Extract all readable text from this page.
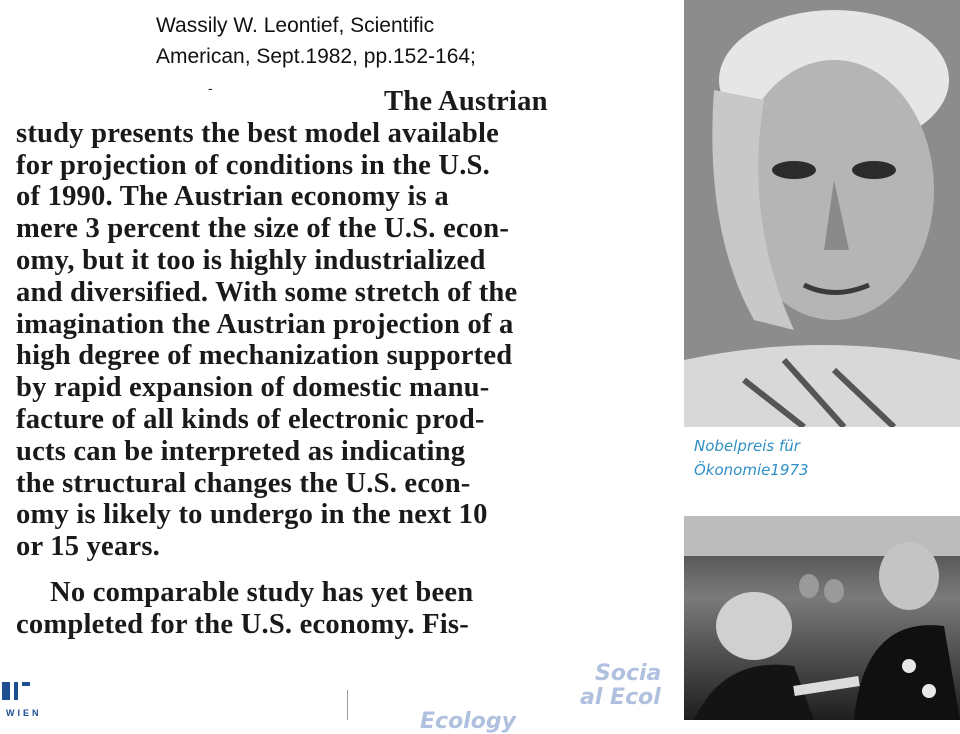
Wassily W. Leontief, Scientific
American, Sept.1982, pp.152-164;
-	The Austrian
study presents the best model available
for projection of conditions in the U.S.
of 1990. The Austrian economy is a
mere 3 percent the size of the U.S. econ-
omy, but it too is highly industrialized
and diversified. With some stretch of the
imagination the Austrian projection of a
high degree of mechanization supported
by rapid expansion of domestic manu-
facture of all kinds of electronic prod-
ucts can be interpreted as indicating
the structural changes the U.S. econ-
omy is likely to undergo in the next 10
or 15 years.

No comparable study has yet been
completed for the U.S. economy. Fis-

Nobelpreis für
Ökonomie1973

WIEN
Socia
al Ecol
Ecology
